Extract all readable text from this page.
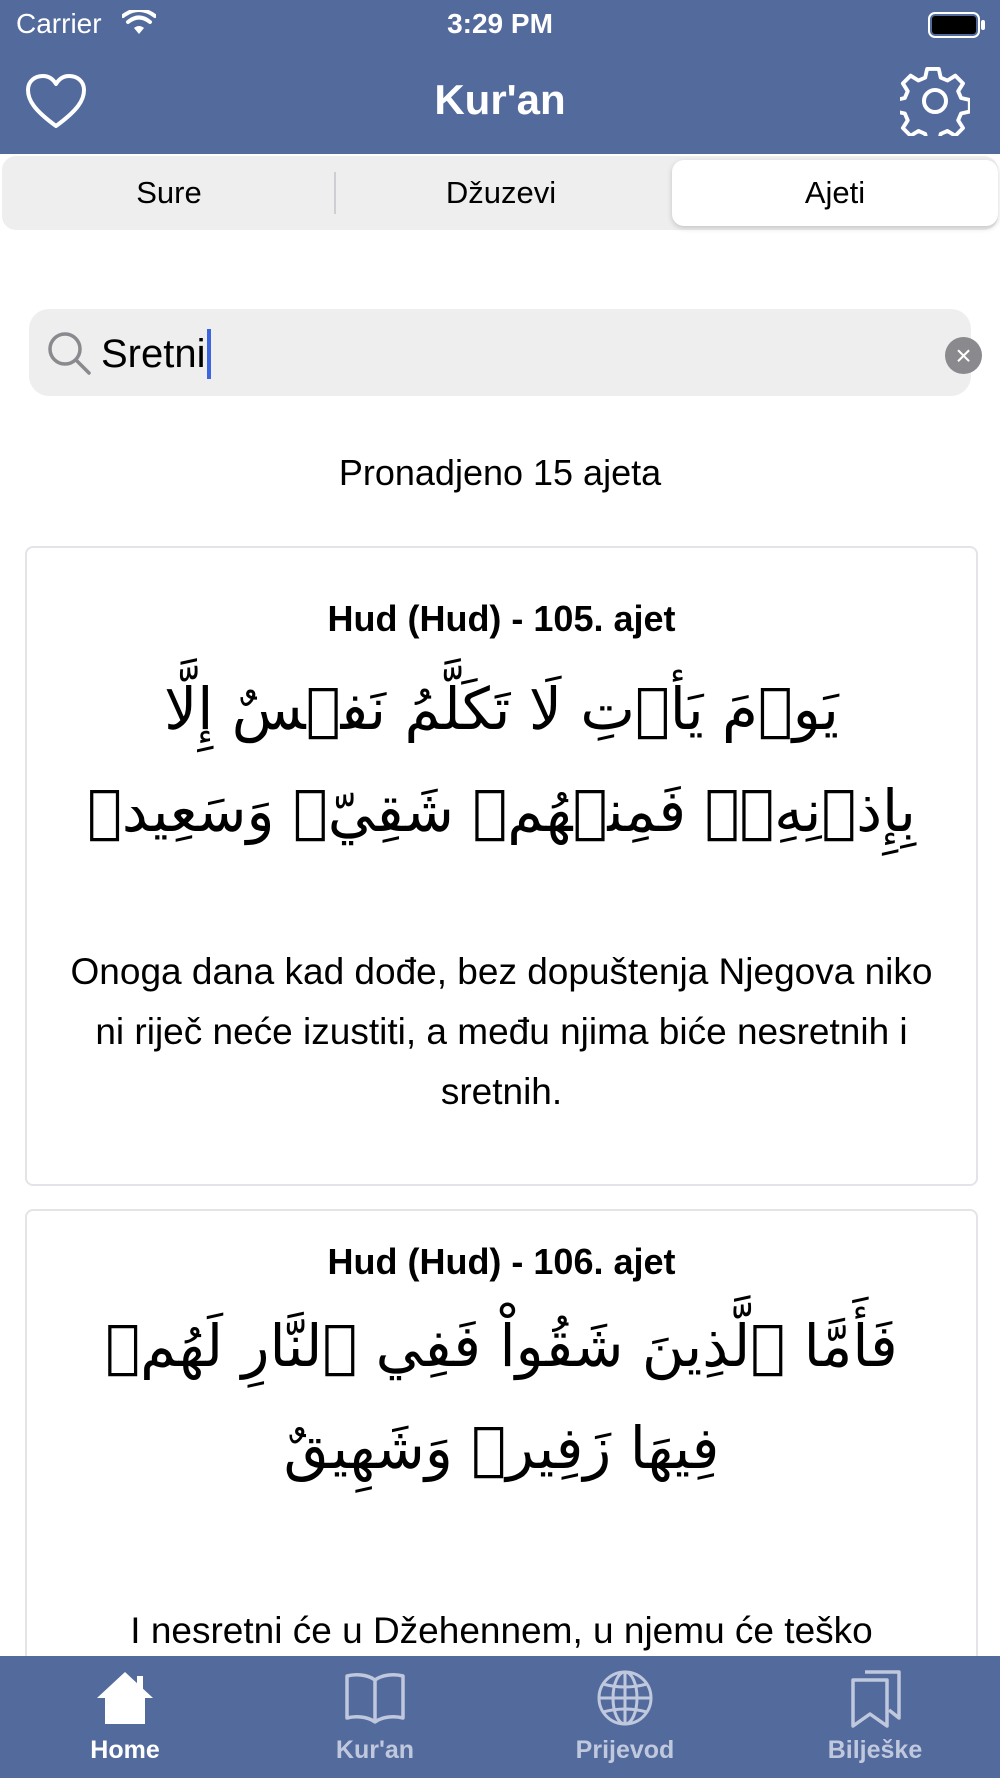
Carrier	3:29 PM
Kur'an
Sure	Džuzevi	Ajeti
Sretni	×
Pronadjeno 15 ajeta
Hud (Hud) - 105. ajet
يَوۡمَ يَأۡتِ لَا تَكَلَّمُ نَفۡسٌ إِلَّا بِإِذۡنِهِۦۚ فَمِنۡهُمۡ شَقِيّٞ وَسَعِيدٞ
Onoga dana kad dođe, bez dopuštenja Njegova niko ni riječ neće izustiti, a među njima biće nesretnih i sretnih.
Hud (Hud) - 106. ajet
فَأَمَّا ٱلَّذِينَ شَقُواْ فَفِي ٱلنَّارِ لَهُمۡ فِيهَا زَفِيرٞ وَشَهِيقٌ
I nesretni će u Džehennem, u njemu će teško
Home	Kur'an	Prijevod	Bilješke
